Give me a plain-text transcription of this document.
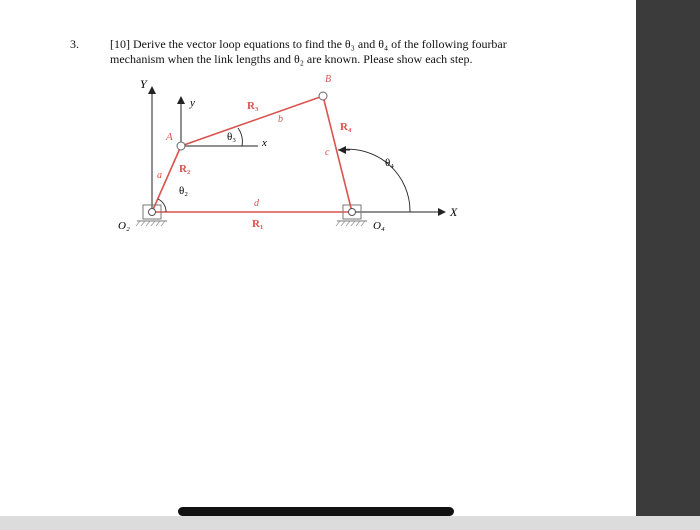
3.	[10] Derive the vector loop equations to find the θ₃ and θ₄ of the following fourbar
mechanism when the link lengths and θ₂ are known. Please show each step.
Y
X
y
x
A
B
a
b
c
d
R₁
R₂
R₃
R₄
θ₂
θ₃
θ₄
O₂	O₄
